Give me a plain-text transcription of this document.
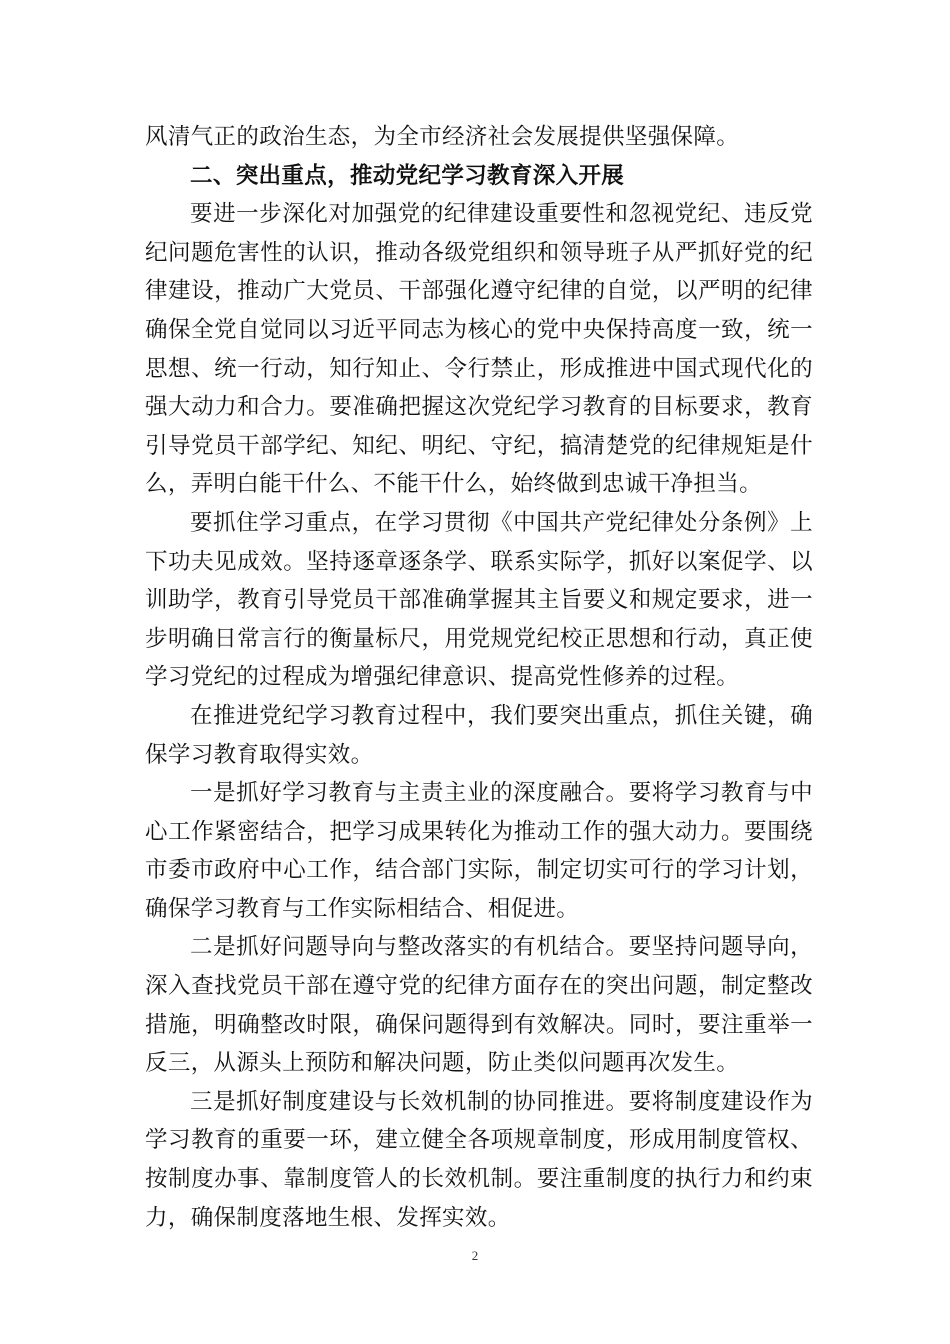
风清气正的政治生态，为全市经济社会发展提供坚强保障。

二、突出重点，推动党纪学习教育深入开展

要进一步深化对加强党的纪律建设重要性和忽视党纪、违反党纪问题危害性的认识，推动各级党组织和领导班子从严抓好党的纪律建设，推动广大党员、干部强化遵守纪律的自觉，以严明的纪律确保全党自觉同以习近平同志为核心的党中央保持高度一致，统一思想、统一行动，知行知止、令行禁止，形成推进中国式现代化的强大动力和合力。要准确把握这次党纪学习教育的目标要求，教育引导党员干部学纪、知纪、明纪、守纪，搞清楚党的纪律规矩是什么，弄明白能干什么、不能干什么，始终做到忠诚干净担当。

要抓住学习重点，在学习贯彻《中国共产党纪律处分条例》上下功夫见成效。坚持逐章逐条学、联系实际学，抓好以案促学、以训助学，教育引导党员干部准确掌握其主旨要义和规定要求，进一步明确日常言行的衡量标尺，用党规党纪校正思想和行动，真正使学习党纪的过程成为增强纪律意识、提高党性修养的过程。

在推进党纪学习教育过程中，我们要突出重点，抓住关键，确保学习教育取得实效。

一是抓好学习教育与主责主业的深度融合。要将学习教育与中心工作紧密结合，把学习成果转化为推动工作的强大动力。要围绕市委市政府中心工作，结合部门实际，制定切实可行的学习计划，确保学习教育与工作实际相结合、相促进。

二是抓好问题导向与整改落实的有机结合。要坚持问题导向，深入查找党员干部在遵守党的纪律方面存在的突出问题，制定整改措施，明确整改时限，确保问题得到有效解决。同时，要注重举一反三，从源头上预防和解决问题，防止类似问题再次发生。

三是抓好制度建设与长效机制的协同推进。要将制度建设作为学习教育的重要一环，建立健全各项规章制度，形成用制度管权、按制度办事、靠制度管人的长效机制。要注重制度的执行力和约束力，确保制度落地生根、发挥实效。

2
